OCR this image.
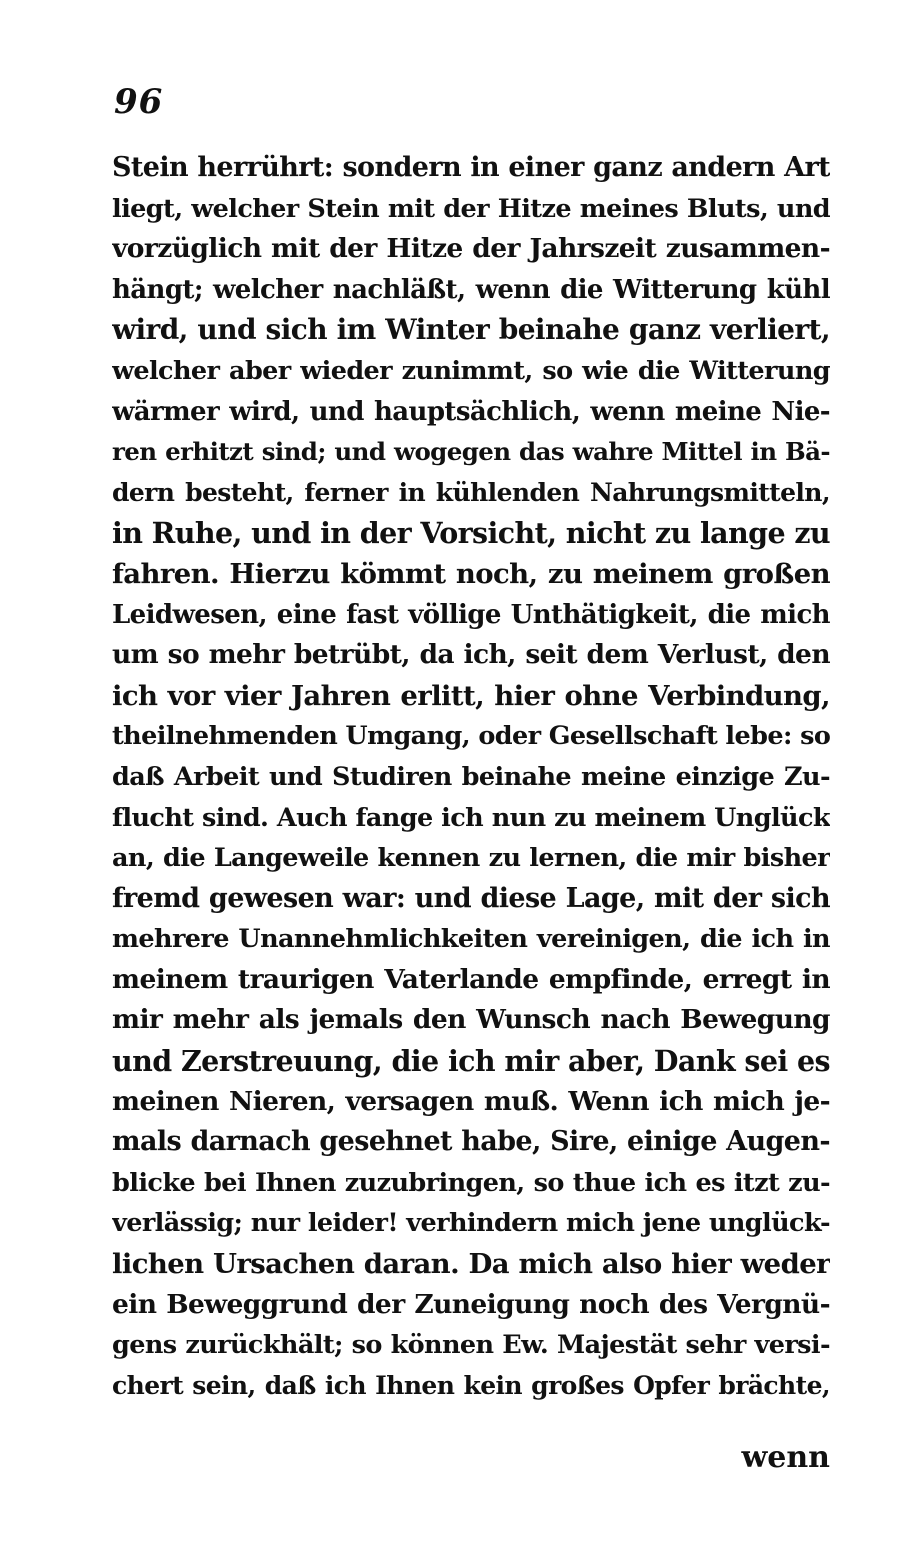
96
Stein herrührt: sondern in einer ganz andern Art
liegt, welcher Stein mit der Hitze meines Bluts, und
vorzüglich mit der Hitze der Jahrszeit zusammen-
hängt; welcher nachläßt, wenn die Witterung kühl
wird, und sich im Winter beinahe ganz verliert,
welcher aber wieder zunimmt, so wie die Witterung
wärmer wird, und hauptsächlich, wenn meine Nie-
ren erhitzt sind; und wogegen das wahre Mittel in Bä-
dern besteht, ferner in kühlenden Nahrungsmitteln,
in Ruhe, und in der Vorsicht, nicht zu lange zu
fahren. Hierzu kömmt noch, zu meinem großen
Leidwesen, eine fast völlige Unthätigkeit, die mich
um so mehr betrübt, da ich, seit dem Verlust, den
ich vor vier Jahren erlitt, hier ohne Verbindung,
theilnehmenden Umgang, oder Gesellschaft lebe: so
daß Arbeit und Studiren beinahe meine einzige Zu-
flucht sind. Auch fange ich nun zu meinem Unglück
an, die Langeweile kennen zu lernen, die mir bisher
fremd gewesen war: und diese Lage, mit der sich
mehrere Unannehmlichkeiten vereinigen, die ich in
meinem traurigen Vaterlande empfinde, erregt in
mir mehr als jemals den Wunsch nach Bewegung
und Zerstreuung, die ich mir aber, Dank sei es
meinen Nieren, versagen muß. Wenn ich mich je-
mals darnach gesehnet habe, Sire, einige Augen-
blicke bei Ihnen zuzubringen, so thue ich es itzt zu-
verlässig; nur leider! verhindern mich jene unglück-
lichen Ursachen daran. Da mich also hier weder
ein Beweggrund der Zuneigung noch des Vergnü-
gens zurückhält; so können Ew. Majestät sehr versi-
chert sein, daß ich Ihnen kein großes Opfer brächte,
wenn
